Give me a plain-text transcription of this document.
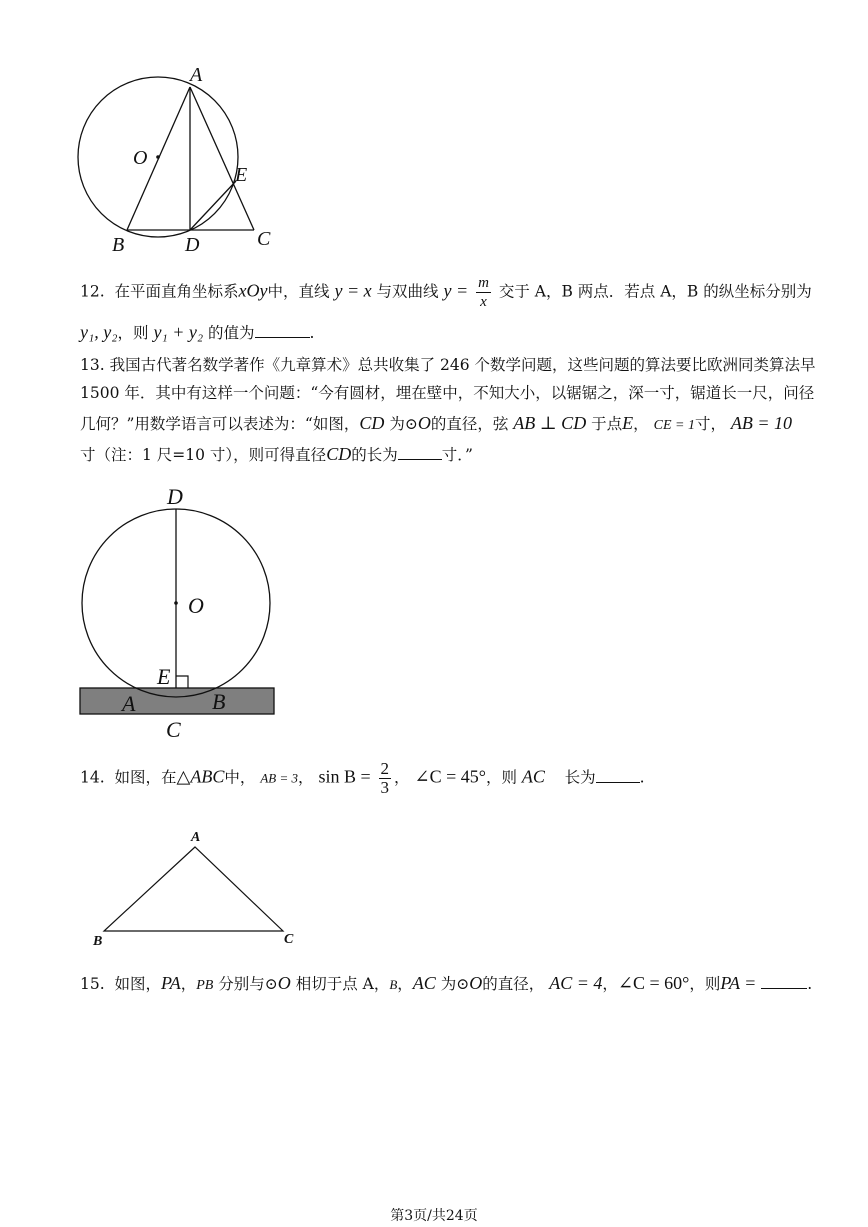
A
O
E
B	D	C
12. 在平面直角坐标系xOy中，直线 y = x 与双曲线 $y = \frac{m}{x}$ 交于 A，B 两点．若点 A，B 的纵坐标分别为
y₁, y₂，则 y₁ + y₂ 的值为	.
13. 我国古代著名数学著作《九章算术》总共收集了 246 个数学问题，这些问题的算法要比欧洲同类算法早
1500 年．其中有这样一个问题：“今有圆材，埋在壁中，不知大小，以锯锯之，深一寸，锯道长一尺，问径
几何？”用数学语言可以表述为：“如图，CD 为⊙O的直径，弦 AB ⊥ CD 于点E， CE = 1寸， AB = 10
寸（注：1 尺=10 寸），则可得直径CD的长为	寸．”
D
O
E
A	B
C
14. 如图，在△ABC中， AB = 3， $\sin B = \frac{2}{3}$ ， ∠C = 45°，则 AC 长为	.
A
B	C
15. 如图，PA，PB 分别与⊙O 相切于点 A，B，AC 为⊙O的直径， AC = 4，∠C = 60°，则PA =	.
第3页/共24页
